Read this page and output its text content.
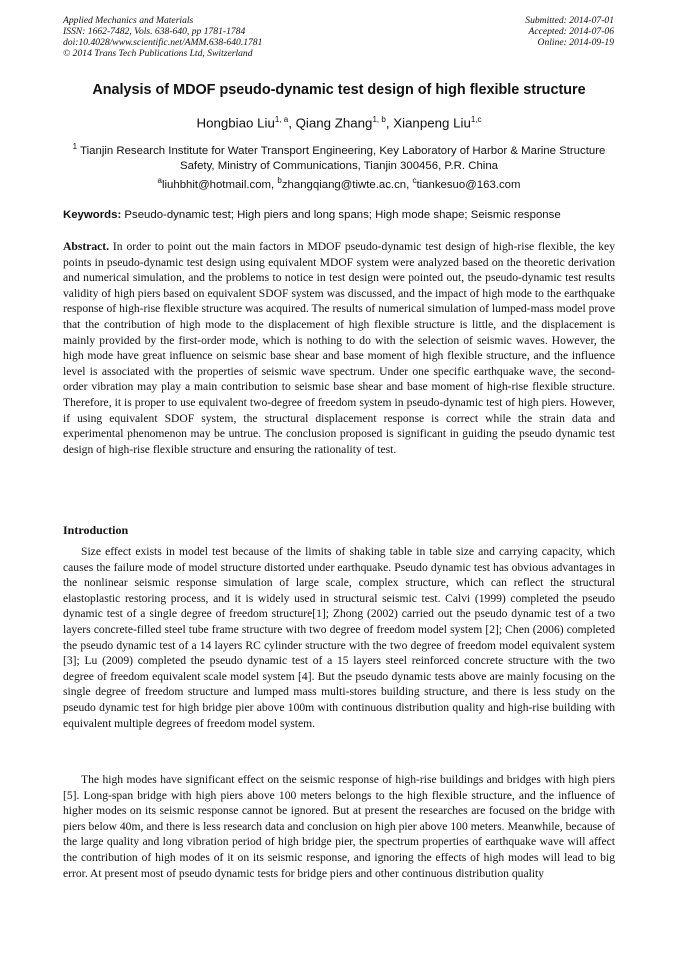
Applied Mechanics and Materials
ISSN: 1662-7482, Vols. 638-640, pp 1781-1784
doi:10.4028/www.scientific.net/AMM.638-640.1781
© 2014 Trans Tech Publications Ltd, Switzerland
Submitted: 2014-07-01
Accepted: 2014-07-06
Online: 2014-09-19
Analysis of MDOF pseudo-dynamic test design of high flexible structure
Hongbiao Liu$^{1, a}$, Qiang Zhang$^{1, b}$, Xianpeng Liu$^{1,c}$
$^1$ Tianjin Research Institute for Water Transport Engineering, Key Laboratory of Harbor & Marine Structure Safety, Ministry of Communications, Tianjin 300456, P.R. China
$^a$liuhbhit@hotmail.com, $^b$zhangqiang@tiwte.ac.cn, $^c$tiankesuo@163.com
Keywords: Pseudo-dynamic test; High piers and long spans; High mode shape; Seismic response
Abstract. In order to point out the main factors in MDOF pseudo-dynamic test design of high-rise flexible, the key points in pseudo-dynamic test design using equivalent MDOF system were analyzed based on the theoretic derivation and numerical simulation, and the problems to notice in test design were pointed out, the pseudo-dynamic test results validity of high piers based on equivalent SDOF system was discussed, and the impact of high mode to the earthquake response of high-rise flexible structure was acquired. The results of numerical simulation of lumped-mass model prove that the contribution of high mode to the displacement of high flexible structure is little, and the displacement is mainly provided by the first-order mode, which is nothing to do with the selection of seismic waves. However, the high mode have great influence on seismic base shear and base moment of high flexible structure, and the influence level is associated with the properties of seismic wave spectrum. Under one specific earthquake wave, the second-order vibration may play a main contribution to seismic base shear and base moment of high-rise flexible structure. Therefore, it is proper to use equivalent two-degree of freedom system in pseudo-dynamic test of high piers. However, if using equivalent SDOF system, the structural displacement response is correct while the strain data and experimental phenomenon may be untrue. The conclusion proposed is significant in guiding the pseudo dynamic test design of high-rise flexible structure and ensuring the rationality of test.
Introduction
Size effect exists in model test because of the limits of shaking table in table size and carrying capacity, which causes the failure mode of model structure distorted under earthquake. Pseudo dynamic test has obvious advantages in the nonlinear seismic response simulation of large scale, complex structure, which can reflect the structural elastoplastic restoring process, and it is widely used in structural seismic test. Calvi (1999) completed the pseudo dynamic test of a single degree of freedom structure[1]; Zhong (2002) carried out the pseudo dynamic test of a two layers concrete-filled steel tube frame structure with two degree of freedom model system [2]; Chen (2006) completed the pseudo dynamic test of a 14 layers RC cylinder structure with the two degree of freedom model equivalent system [3]; Lu (2009) completed the pseudo dynamic test of a 15 layers steel reinforced concrete structure with the two degree of freedom equivalent scale model system [4]. But the pseudo dynamic tests above are mainly focusing on the single degree of freedom structure and lumped mass multi-stores building structure, and there is less study on the pseudo dynamic test for high bridge pier above 100m with continuous distribution quality and high-rise building with equivalent multiple degrees of freedom model system.
The high modes have significant effect on the seismic response of high-rise buildings and bridges with high piers [5]. Long-span bridge with high piers above 100 meters belongs to the high flexible structure, and the influence of higher modes on its seismic response cannot be ignored. But at present the researches are focused on the bridge with piers below 40m, and there is less research data and conclusion on high pier above 100 meters. Meanwhile, because of the large quality and long vibration period of high bridge pier, the spectrum properties of earthquake wave will affect the contribution of high modes of it on its seismic response, and ignoring the effects of high modes will lead to big error. At present most of pseudo dynamic tests for bridge piers and other continuous distribution quality
